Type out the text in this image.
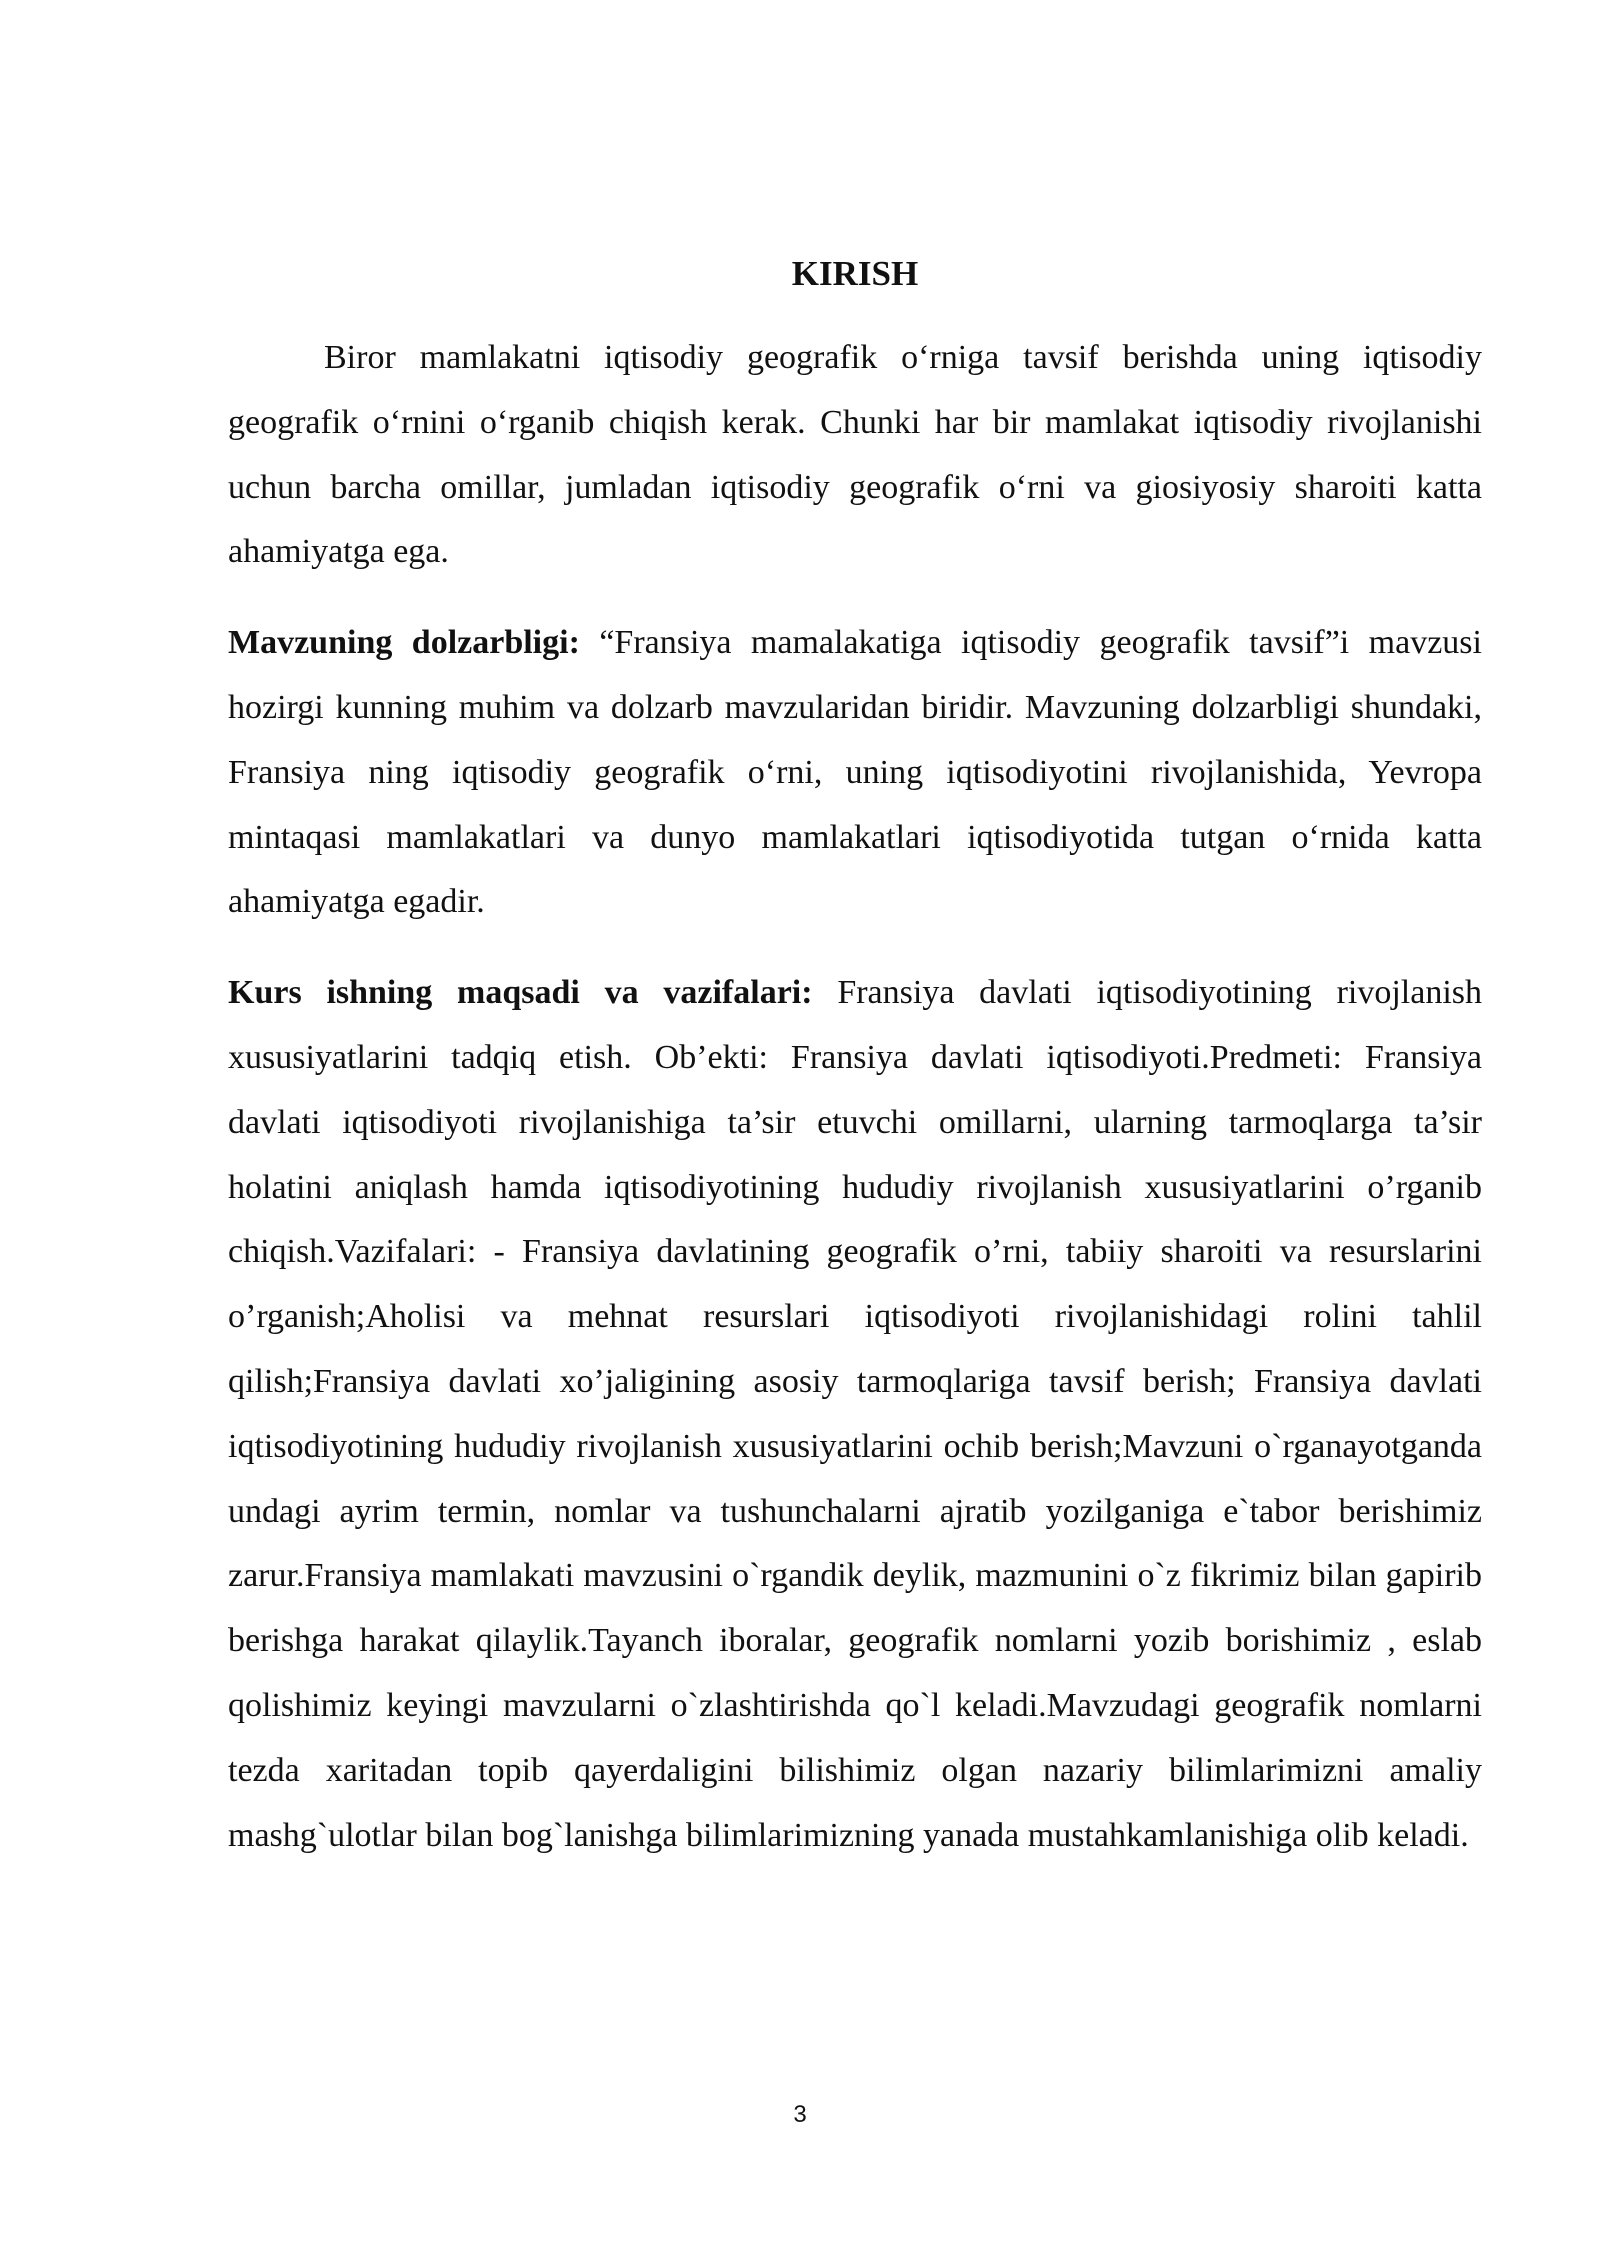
KIRISH

Biror mamlakatni iqtisodiy geografik o‘rniga tavsif berishda uning iqtisodiy geografik o‘rnini o‘rganib chiqish kerak. Chunki har bir mamlakat iqtisodiy rivojlanishi uchun barcha omillar, jumladan iqtisodiy geografik o‘rni va giosiyosiy sharoiti katta ahamiyatga ega.

Mavzuning dolzarbligi: “Fransiya mamalakatiga iqtisodiy geografik tavsif”i mavzusi hozirgi kunning muhim va dolzarb mavzularidan biridir. Mavzuning dolzarbligi shundaki, Fransiya ning iqtisodiy geografik o‘rni, uning iqtisodiyotini rivojlanishida, Yevropa mintaqasi mamlakatlari va dunyo mamlakatlari iqtisodiyotida tutgan o‘rnida katta ahamiyatga egadir.

Kurs ishning maqsadi va vazifalari: Fransiya davlati iqtisodiyotining rivojlanish xususiyatlarini tadqiq etish. Ob’ekti: Fransiya davlati iqtisodiyoti.Predmeti: Fransiya davlati iqtisodiyoti rivojlanishiga ta’sir etuvchi omillarni, ularning tarmoqlarga ta’sir holatini aniqlash hamda iqtisodiyotining hududiy rivojlanish xususiyatlarini o’rganib chiqish.Vazifalari: - Fransiya davlatining geografik o’rni, tabiiy sharoiti va resurslarini o’rganish;Aholisi va mehnat resurslari iqtisodiyoti rivojlanishidagi rolini tahlil qilish;Fransiya davlati xo’jaligining asosiy tarmoqlariga tavsif berish; Fransiya davlati iqtisodiyotining hududiy rivojlanish xususiyatlarini ochib berish;Mavzuni o`rganayotganda undagi ayrim termin, nomlar va tushunchalarni ajratib yozilganiga e`tabor berishimiz zarur.Fransiya mamlakati mavzusini o`rgandik deylik, mazmunini o`z fikrimiz bilan gapirib berishga harakat qilaylik.Tayanch iboralar, geografik nomlarni yozib borishimiz , eslab qolishimiz keyingi mavzularni o`zlashtirishda qo`l keladi.Mavzudagi geografik nomlarni tezda xaritadan topib qayerdaligini bilishimiz olgan nazariy bilimlarimizni amaliy mashg`ulotlar bilan bog`lanishga bilimlarimizning yanada mustahkamlanishiga olib keladi.

3
